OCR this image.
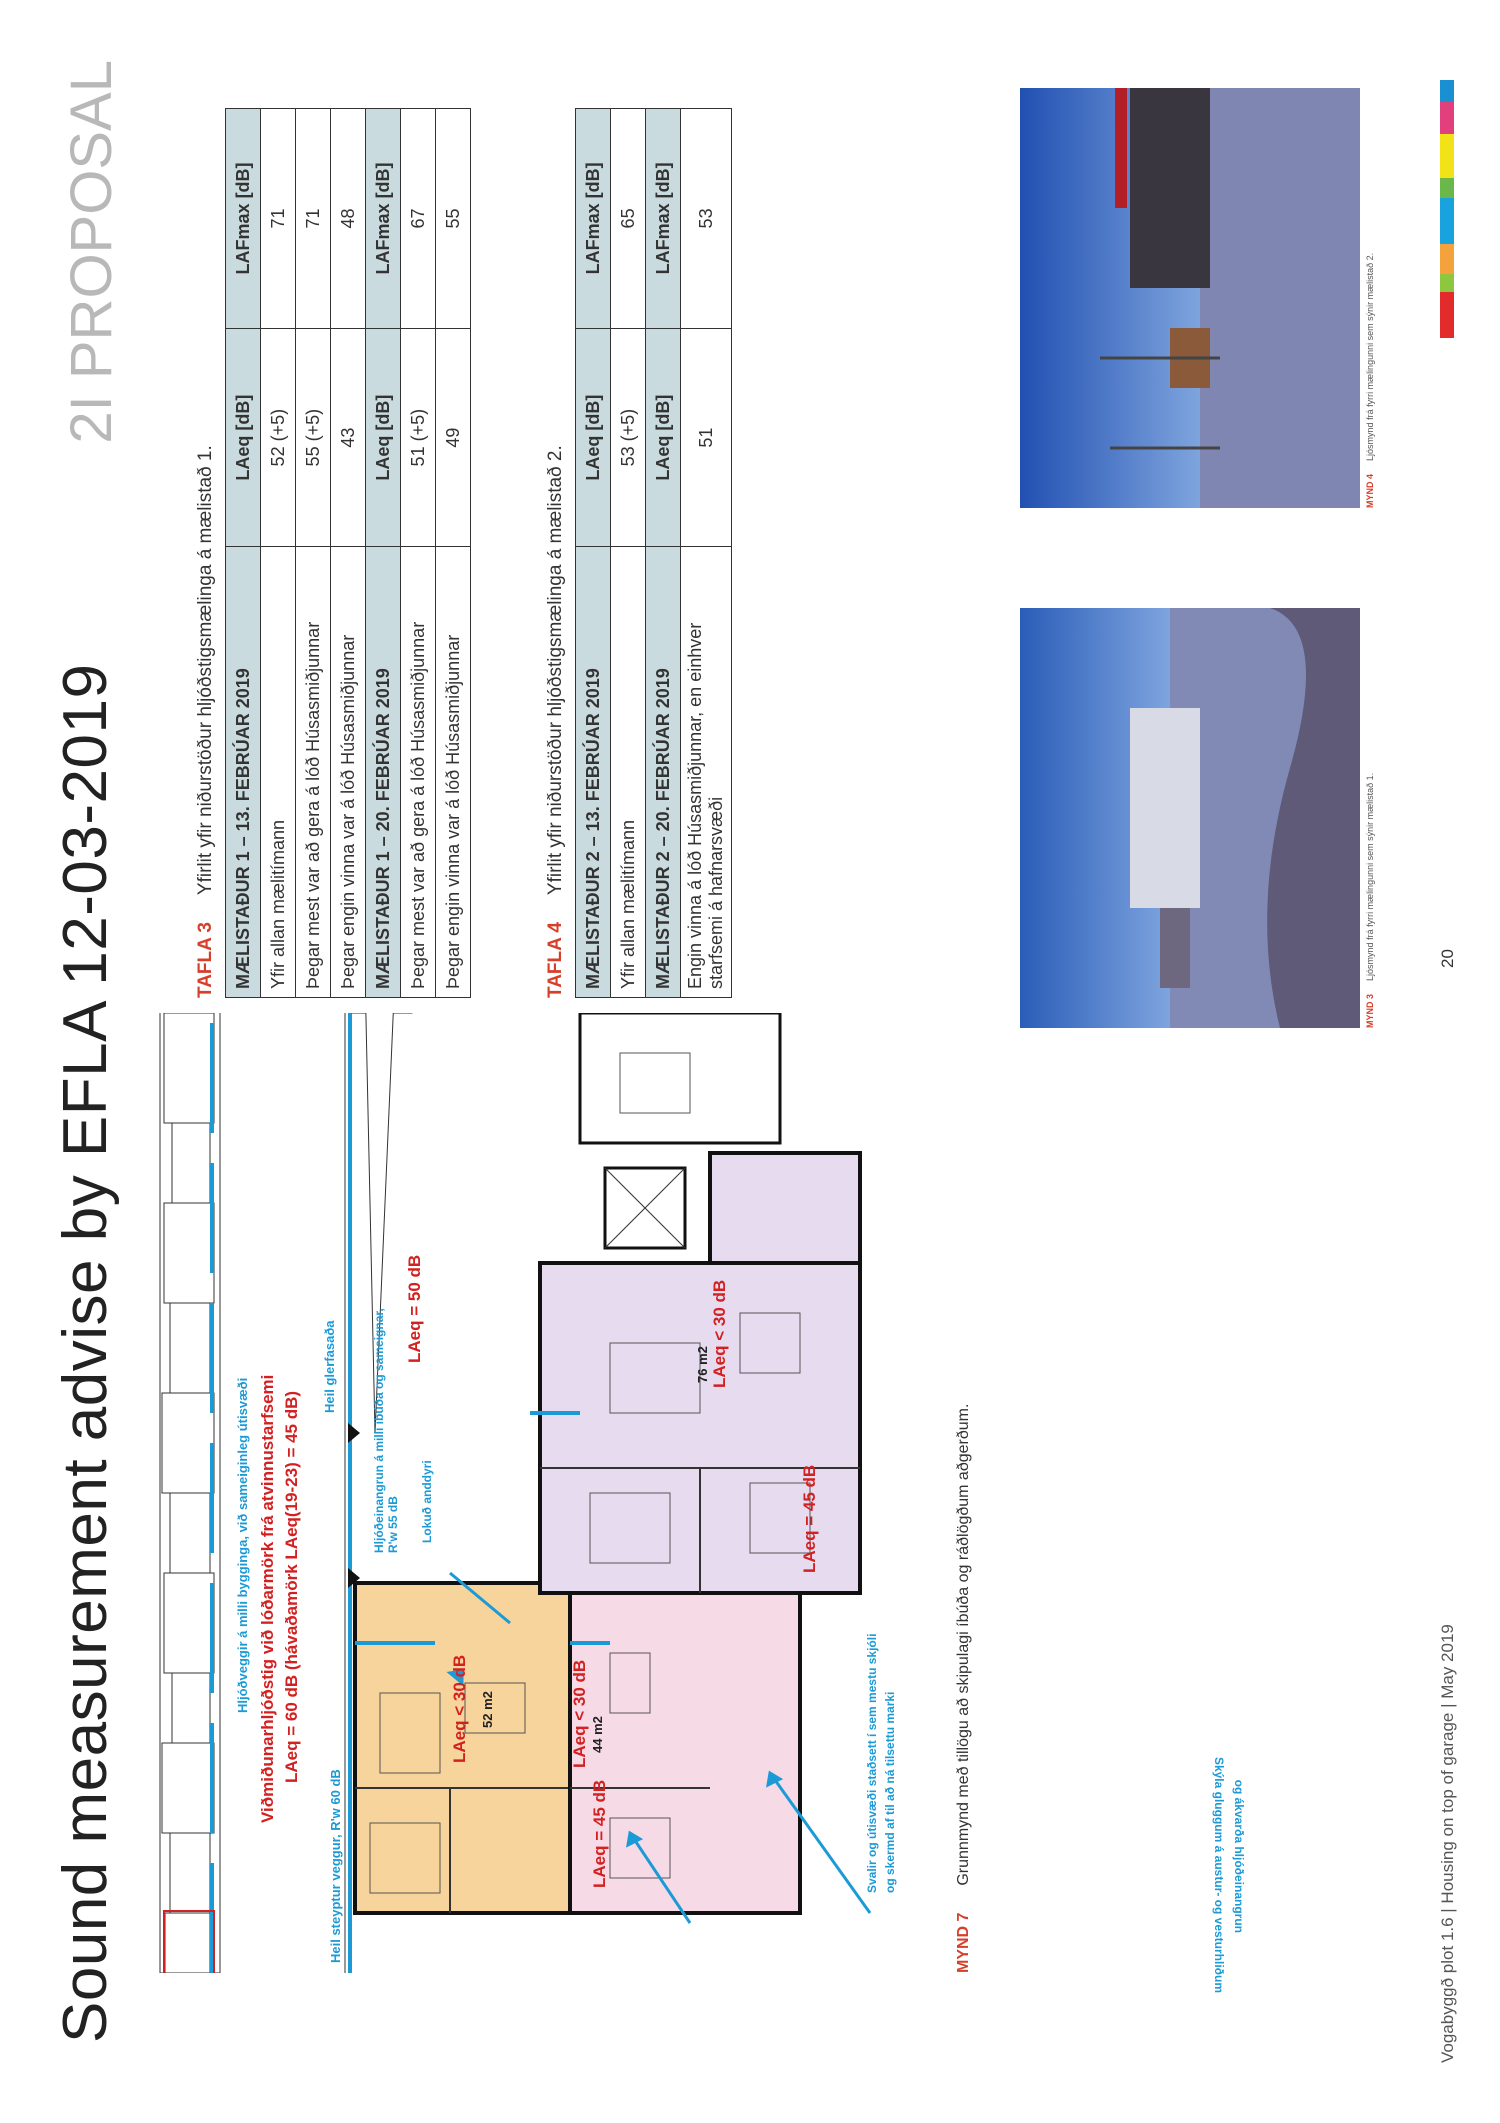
Sound measurement advise by EFLA 12-03-2019
2I PROPOSAL
Vogabyggð plot 1.6 | Housing on top of garage | May 2019
20
Hljóðveggir á milli bygginga, við sameiginleg útisvæði Viðmiðunarhljóðstig við lóðarmörk frá atvinnustarfsemi LAeq = 60 dB (hávaðamörk LAeq(19-23) = 45 dB)
Heil glerfasaða
Heil steyptur veggur, R'w 60 dB
Hljóðeinangrun á milli íbúða og sameignar, R'w 55 dB Lokuð anddyri
LAeq = 50 dB
LAeq < 30 dB	LAeq < 30 dB
LAeq < 30 dB
LAeq = 45 dB
LAeq = 45 dB
52 m2
44 m2
76 m2
Skýla gluggum á austur- og vesturhliðum og ákvarða hljóðeinangrun
Svalir og útisvæði staðsett í sem mestu skjóli og skermd af til að ná tilsettu marki
MYND 7  Grunnmynd með tillögu að skipulagi íbúða og ráðlögðum aðgerðum.
TAFLA 3  Yfirlit yfir niðurstöður hljóðstigsmælinga á mælistað 1. MÆLISTAÐUR 1 – 13. FEBRÚAR 2019	LAeq [dB]	LAFmax [dB]
Yfir allan mælitímann	52 (+5)	71
Þegar mest var að gera á lóð Húsasmiðjunnar	55 (+5)	71
Þegar engin vinna var á lóð Húsasmiðjunnar	43	48
MÆLISTAÐUR 1 – 20. FEBRÚAR 2019	LAeq [dB]	LAFmax [dB]
Þegar mest var að gera á lóð Húsasmiðjunnar	51 (+5)	67
Þegar engin vinna var á lóð Húsasmiðjunnar	49	55
TAFLA 4  Yfirlit yfir niðurstöður hljóðstigsmælinga á mælistað 2. MÆLISTAÐUR 2 – 13. FEBRÚAR 2019	LAeq [dB]	LAFmax [dB]
Yfir allan mælitímann	53 (+5)	65
MÆLISTAÐUR 2 – 20. FEBRÚAR 2019	LAeq [dB]	LAFmax [dB]
Engin vinna á lóð Húsasmiðjunnar, en einhver starfsemi á hafnarsvæði	51	53
MYND 3  Ljósmynd frá fyrri mælingunni sem sýnir mælistað 1.
MYND 4  Ljósmynd frá fyrri mælingunni sem sýnir mælistað 2.
